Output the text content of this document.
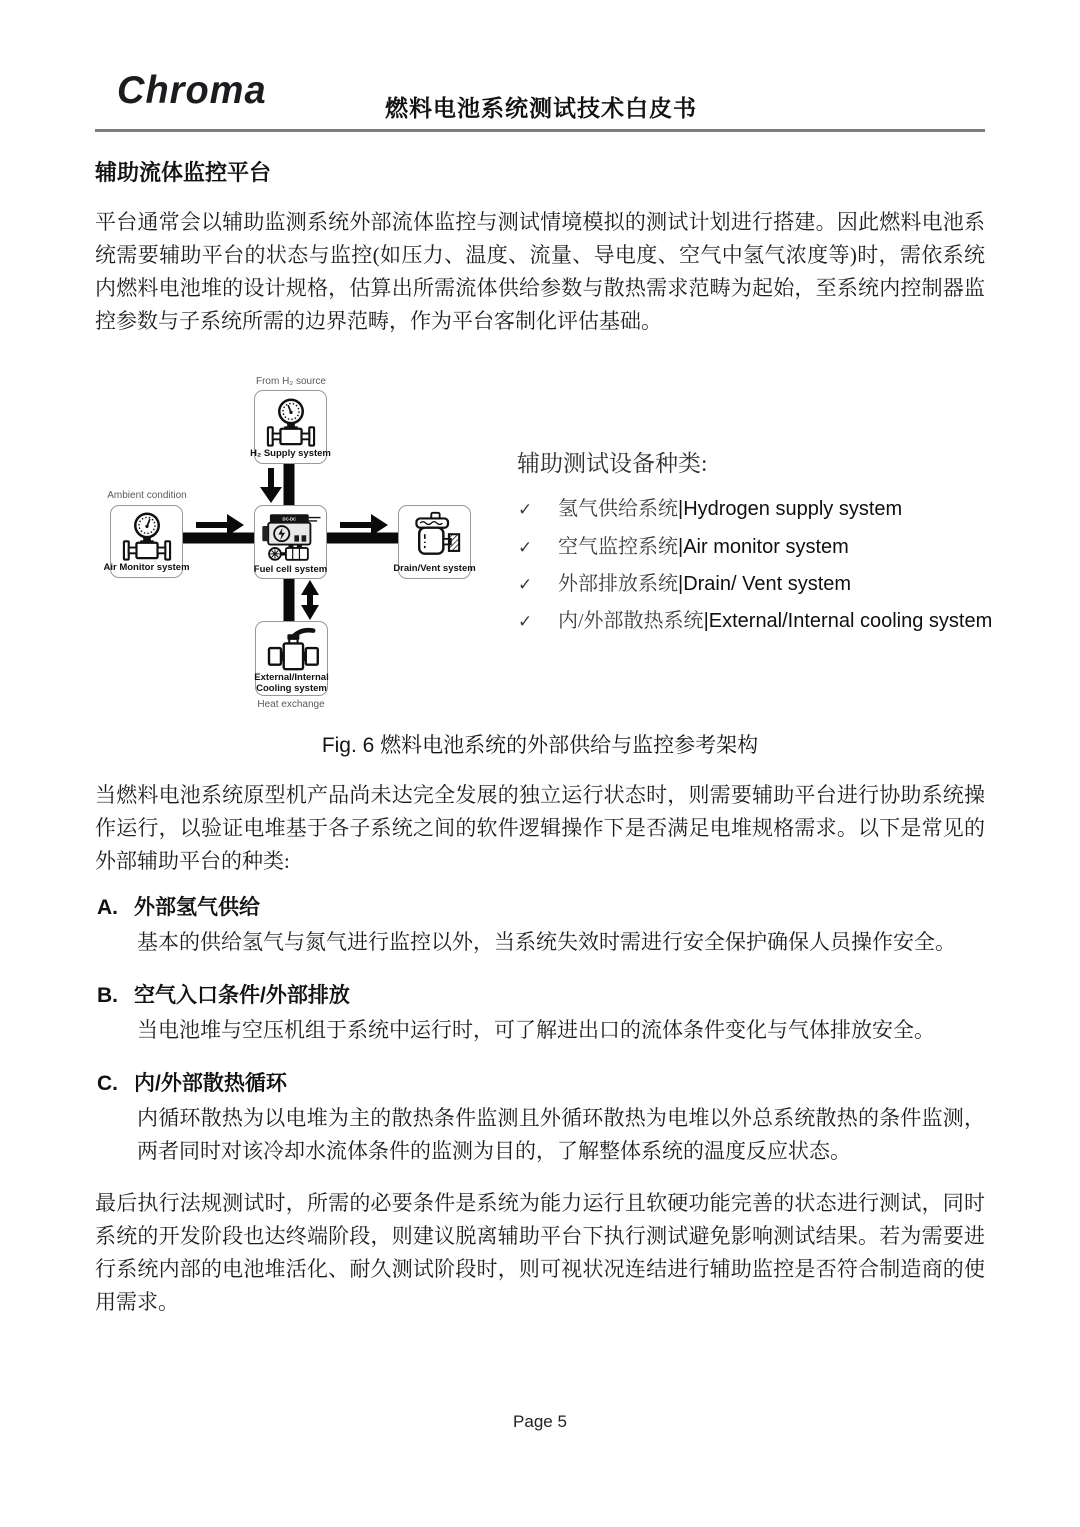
Chroma	燃料电池系统测试技术白皮书
辅助流体监控平台
平台通常会以辅助监测系统外部流体监控与测试情境模拟的测试计划进行搭建。因此燃料电池系统需要辅助平台的状态与监控(如压力、温度、流量、导电度、空气中氢气浓度等)时，需依系统内燃料电池堆的设计规格，估算出所需流体供给参数与散热需求范畴为起始，至系统内控制器监控参数与子系统所需的边界范畴，作为平台客制化评估基础。
From H₂ source
Ambient condition
Heat exchange
H₂ Supply system
Air Monitor system
DC-DC
Fuel cell system	Drain/Vent system
External/Internal
Cooling system
辅助测试设备种类:
✓ 氢气供给系统|Hydrogen supply system
✓ 空气监控系统|Air monitor system
✓ 外部排放系统|Drain/ Vent system
✓ 内/外部散热系统|External/Internal cooling system
Fig. 6 燃料电池系统的外部供给与监控参考架构
当燃料电池系统原型机产品尚未达完全发展的独立运行状态时，则需要辅助平台进行协助系统操作运行，以验证电堆基于各子系统之间的软件逻辑操作下是否满足电堆规格需求。以下是常见的外部辅助平台的种类:
A. 外部氢气供给
基本的供给氢气与氮气进行监控以外，当系统失效时需进行安全保护确保人员操作安全。
B. 空气入口条件/外部排放
当电池堆与空压机组于系统中运行时，可了解进出口的流体条件变化与气体排放安全。
C. 内/外部散热循环
内循环散热为以电堆为主的散热条件监测且外循环散热为电堆以外总系统散热的条件监测，两者同时对该冷却水流体条件的监测为目的，了解整体系统的温度反应状态。
最后执行法规测试时，所需的必要条件是系统为能力运行且软硬功能完善的状态进行测试，同时系统的开发阶段也达终端阶段，则建议脱离辅助平台下执行测试避免影响测试结果。若为需要进行系统内部的电池堆活化、耐久测试阶段时，则可视状况连结进行辅助监控是否符合制造商的使用需求。
Page 5
